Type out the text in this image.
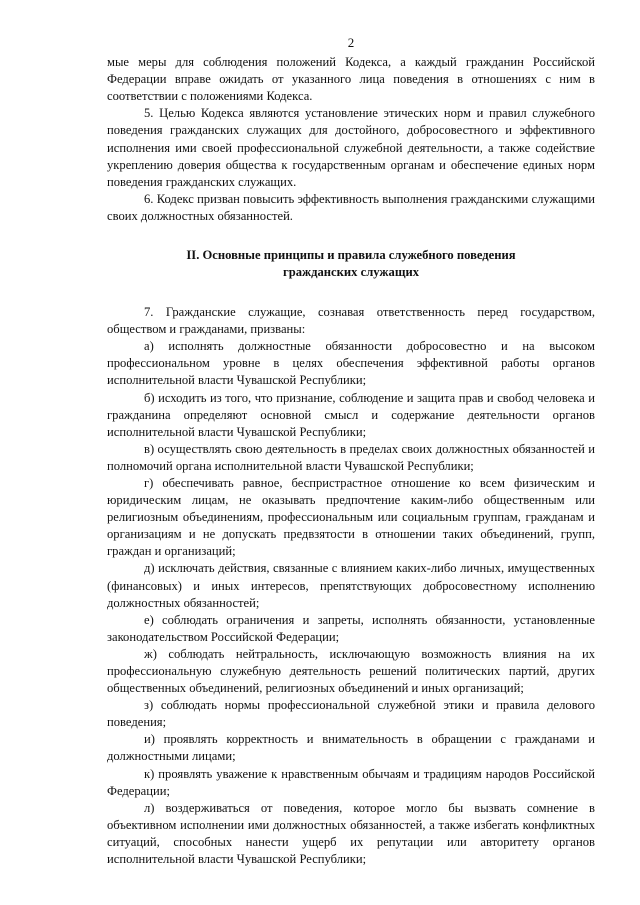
2

мые меры для соблюдения положений Кодекса, а каждый гражданин Российской Федерации вправе ожидать от указанного лица поведения в отношениях с ним в соответствии с положениями Кодекса.

5. Целью Кодекса являются установление этических норм и правил служебного поведения гражданских служащих для достойного, добросовестного и эффективного исполнения ими своей профессиональной служебной деятельности, а также содействие укреплению доверия общества к государственным органам и обеспечение единых норм поведения гражданских служащих.

6. Кодекс призван повысить эффективность выполнения гражданскими служащими своих должностных обязанностей.

II. Основные принципы и правила служебного поведения
гражданских служащих

7. Гражданские служащие, сознавая ответственность перед государством, обществом и гражданами, призваны:

а) исполнять должностные обязанности добросовестно и на высоком профессиональном уровне в целях обеспечения эффективной работы органов исполнительной власти Чувашской Республики;

б) исходить из того, что признание, соблюдение и защита прав и свобод человека и гражданина определяют основной смысл и содержание деятельности органов исполнительной власти Чувашской Республики;

в) осуществлять свою деятельность в пределах своих должностных обязанностей и полномочий органа исполнительной власти Чувашской Республики;

г) обеспечивать равное, беспристрастное отношение ко всем физическим и юридическим лицам, не оказывать предпочтение каким-либо общественным или религиозным объединениям, профессиональным или социальным группам, гражданам и организациям и не допускать предвзятости в отношении таких объединений, групп, граждан и организаций;

д) исключать действия, связанные с влиянием каких-либо личных, имущественных (финансовых) и иных интересов, препятствующих добросовестному исполнению должностных обязанностей;

е) соблюдать ограничения и запреты, исполнять обязанности, установленные законодательством Российской Федерации;

ж) соблюдать нейтральность, исключающую возможность влияния на их профессиональную служебную деятельность решений политических партий, других общественных объединений, религиозных объединений и иных организаций;

з) соблюдать нормы профессиональной служебной этики и правила делового поведения;

и) проявлять корректность и внимательность в обращении с гражданами и должностными лицами;

к) проявлять уважение к нравственным обычаям и традициям народов Российской Федерации;

л) воздерживаться от поведения, которое могло бы вызвать сомнение в объективном исполнении ими должностных обязанностей, а также избегать конфликтных ситуаций, способных нанести ущерб их репутации или авторитету органов исполнительной власти Чувашской Республики;
